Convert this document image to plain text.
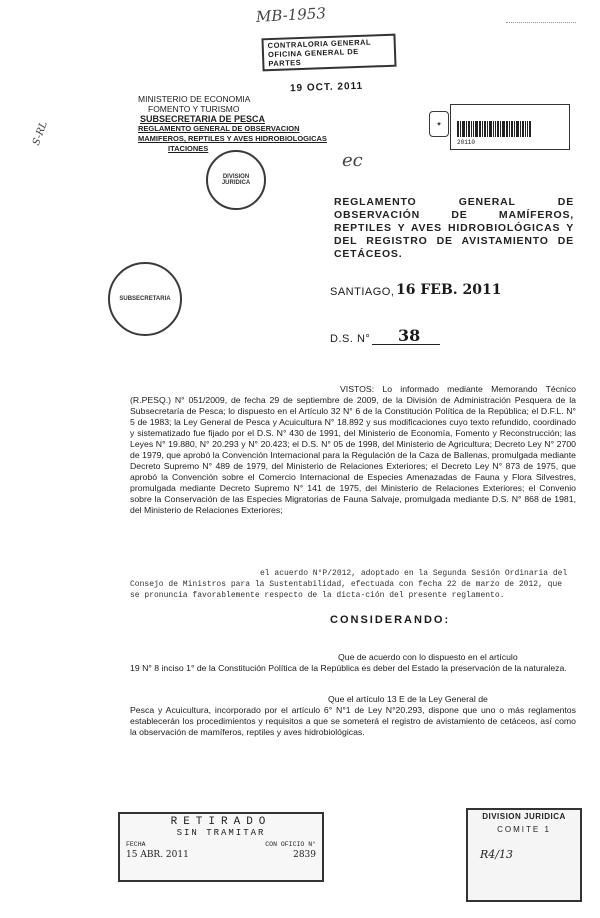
S-RL
MB-1953
CONTRALORIA GENERAL
OFICINA GENERAL DE PARTES
19 OCT. 2011
✦
20110
MINISTERIO DE ECONOMIA
FOMENTO Y TURISMO
SUBSECRETARIA DE PESCA
REGLAMENTO GENERAL DE OBSERVACION
MAMIFEROS, REPTILES Y AVES HIDROBIOLOGICAS
ITACIONES
DIVISION JURIDICA
ec
REGLAMENTO GENERAL DE OBSERVACIÓN DE MAMÍFEROS, REPTILES Y AVES HIDROBIOLÓGICAS Y DEL REGISTRO DE AVISTAMIENTO DE CETÁCEOS.
SUBSECRETARIA
SANTIAGO, 16 FEB. 2011
D.S. N° 38
VISTOS: Lo informado mediante Memorando Técnico (R.PESQ.) N° 051/2009, de fecha 29 de septiembre de 2009, de la División de Administración Pesquera de la Subsecretaría de Pesca; lo dispuesto en el Artículo 32 N° 6 de la Constitución Política de la República; el D.F.L. N° 5 de 1983; la Ley General de Pesca y Acuicultura N° 18.892 y sus modificaciones cuyo texto refundido, coordinado y sistematizado fue fijado por el D.S. N° 430 de 1991, del Ministerio de Economía, Fomento y Reconstrucción; las Leyes N° 19.880, N° 20.293 y N° 20.423; el D.S. N° 05 de 1998, del Ministerio de Agricultura; Decreto Ley N° 2700 de 1979, que aprobó la Convención Internacional para la Regulación de la Caza de Ballenas, promulgada mediante Decreto Supremo N° 489 de 1979, del Ministerio de Relaciones Exteriores; el Decreto Ley N° 873 de 1975, que aprobó la Convención sobre el Comercio Internacional de Especies Amenazadas de Fauna y Flora Silvestres, promulgada mediante Decreto Supremo N° 141 de 1975, del Ministerio de Relaciones Exteriores; el Convenio sobre la Conservación de las Especies Migratorias de Fauna Salvaje, promulgada mediante D.S. N° 868 de 1981, del Ministerio de Relaciones Exteriores;
el acuerdo N°P/2012, adoptado en la Segunda Sesión Ordinaria del Consejo de Ministros para la Sustentabilidad, efectuada con fecha 22 de marzo de 2012, que se pronuncia favorablemente respecto de la dicta-ción del presente reglamento.
CONSIDERANDO:
Que de acuerdo con lo dispuesto en el artículo
19 N° 8 inciso 1° de la Constitución Política de la República es deber del Estado la preservación de la naturaleza.
Que el artículo 13 E de la Ley General de
Pesca y Acuicultura, incorporado por el artículo 6° N°1 de Ley N°20.293, dispone que uno o más reglamentos establecerán los procedimientos y requisitos a que se someterá el registro de avistamiento de cetáceos, así como la observación de mamíferos, reptiles y aves hidrobiológicas.
RETIRADO
SIN TRAMITAR
FECHA	CON OFICIO N°
15 ABR. 2011	2839
DIVISION JURIDICA
COMITE 1
R4/13
